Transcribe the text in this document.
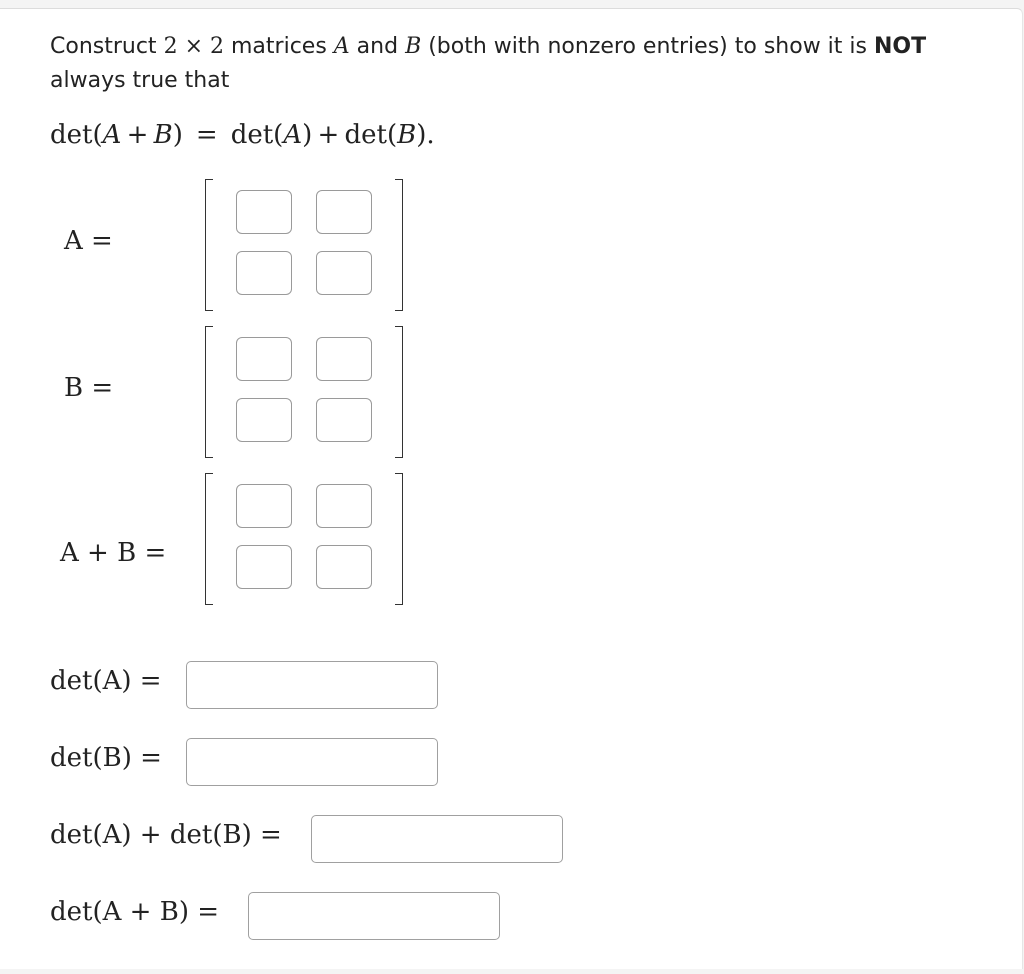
Construct 2 × 2 matrices A and B (both with nonzero entries) to show it is NOT
always true that
det(A  +  B) =  det(A) +  det(B).
A =
B =
A + B =
det(A) =
det(B) =
det(A) + det(B) =
det(A + B) =
